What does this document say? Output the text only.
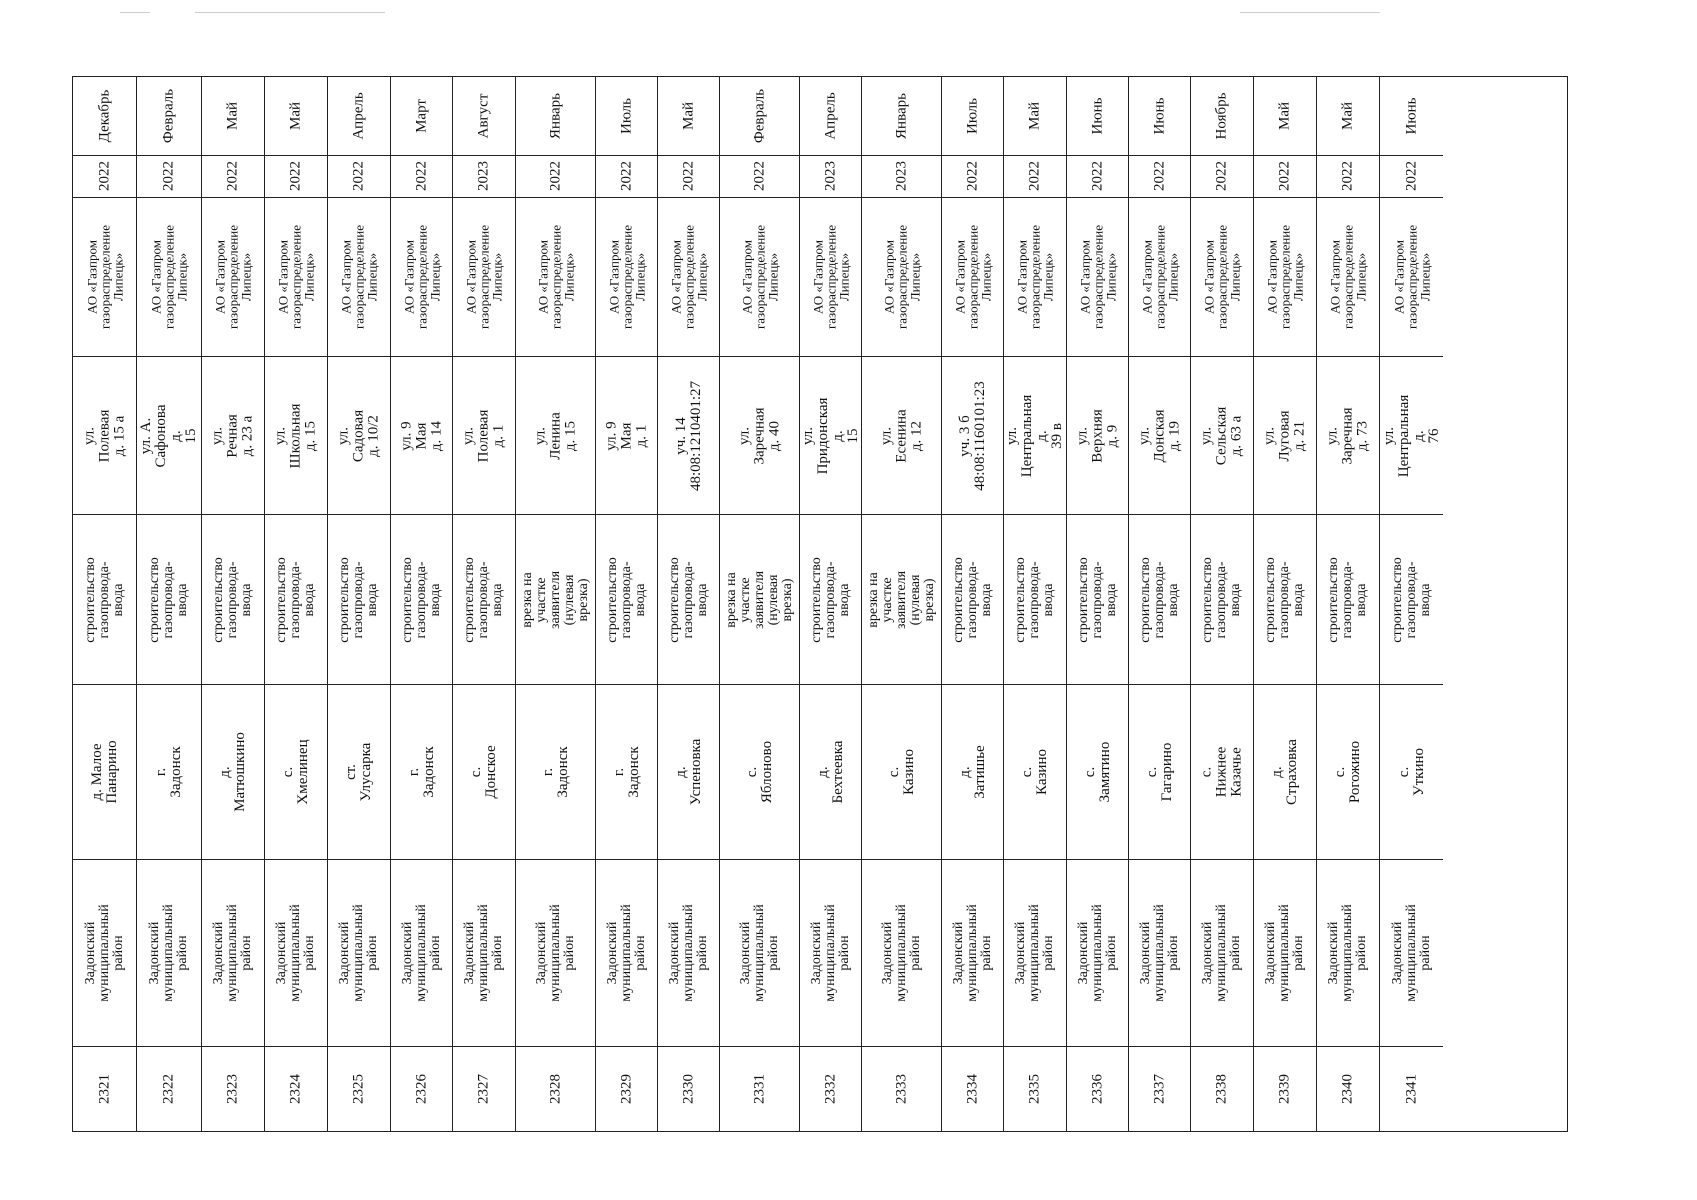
Декабрь
2022
АО «Газпром
газораспределение
Липецк»
ул. Полевая д. 15 а
строительство
газопровода-ввода
д. Малое Панарино
Задонский
муниципальный
район
2321
Февраль
2022
АО «Газпром
газораспределение
Липецк»
ул. А. Сафонова д.
15
строительство
газопровода-ввода
г. Задонск
Задонский
муниципальный
район
2322
Май
2022
АО «Газпром
газораспределение
Липецк»
ул. Речная д. 23 а
строительство
газопровода-ввода
д. Матюшкино
Задонский
муниципальный
район
2323
Май
2022
АО «Газпром
газораспределение
Липецк»
ул. Школьная д. 15
строительство
газопровода-ввода
с. Хмелинец
Задонский
муниципальный
район
2324
Апрель
2022
АО «Газпром
газораспределение
Липецк»
ул. Садовая д. 10/2
строительство
газопровода-ввода
ст. Улусарка
Задонский
муниципальный
район
2325
Март
2022
АО «Газпром
газораспределение
Липецк»
ул. 9 Мая д. 14
строительство
газопровода-ввода
г. Задонск
Задонский
муниципальный
район
2326
Август
2023
АО «Газпром
газораспределение
Липецк»
ул. Полевая д. 1
строительство
газопровода-ввода
с. Донское
Задонский
муниципальный
район
2327
Январь
2022
АО «Газпром
газораспределение
Липецк»
ул. Ленина д. 15
врезка на участке
заявителя (нулевая
врезка)
г. Задонск
Задонский
муниципальный
район
2328
Июль
2022
АО «Газпром
газораспределение
Липецк»
ул. 9 Мая д. 1
строительство
газопровода-ввода
г. Задонск
Задонский
муниципальный
район
2329
Май
2022
АО «Газпром
газораспределение
Липецк»
уч. 14
48:08:1210401:27
строительство
газопровода-ввода
д. Успеновка
Задонский
муниципальный
район
2330
Февраль
2022
АО «Газпром
газораспределение
Липецк»
ул. Заречная д. 40
врезка на участке
заявителя (нулевая
врезка)
с. Яблоново
Задонский
муниципальный
район
2331
Апрель
2023
АО «Газпром
газораспределение
Липецк»
ул. Придонская д.
15
строительство
газопровода-ввода
д. Бехтеевка
Задонский
муниципальный
район
2332
Январь
2023
АО «Газпром
газораспределение
Липецк»
ул. Есенина д. 12
врезка на участке
заявителя (нулевая
врезка)
с. Казино
Задонский
муниципальный
район
2333
Июль
2022
АО «Газпром
газораспределение
Липецк»
уч. 3 б
48:08:1160101:23
строительство
газопровода-ввода
д. Затишье
Задонский
муниципальный
район
2334
Май
2022
АО «Газпром
газораспределение
Липецк»
ул. Центральная д.
39 в
строительство
газопровода-ввода
с. Казино
Задонский
муниципальный
район
2335
Июнь
2022
АО «Газпром
газораспределение
Липецк»
ул. Верхняя д. 9
строительство
газопровода-ввода
с. Замятино
Задонский
муниципальный
район
2336
Июнь
2022
АО «Газпром
газораспределение
Липецк»
ул. Донская д. 19
строительство
газопровода-ввода
с. Гагарино
Задонский
муниципальный
район
2337
Ноябрь
2022
АО «Газпром
газораспределение
Липецк»
ул. Сельская д. 63 а
строительство
газопровода-ввода
с. Нижнее Казачье
Задонский
муниципальный
район
2338
Май
2022
АО «Газпром
газораспределение
Липецк»
ул. Луговая д. 21
строительство
газопровода-ввода
д. Страховка
Задонский
муниципальный
район
2339
Май
2022
АО «Газпром
газораспределение
Липецк»
ул. Заречная д. 73
строительство
газопровода-ввода
с. Рогожино
Задонский
муниципальный
район
2340
Июнь
2022
АО «Газпром
газораспределение
Липецк»
ул. Центральная д.
76
строительство
газопровода-ввода
с. Уткино
Задонский
муниципальный
район
2341
